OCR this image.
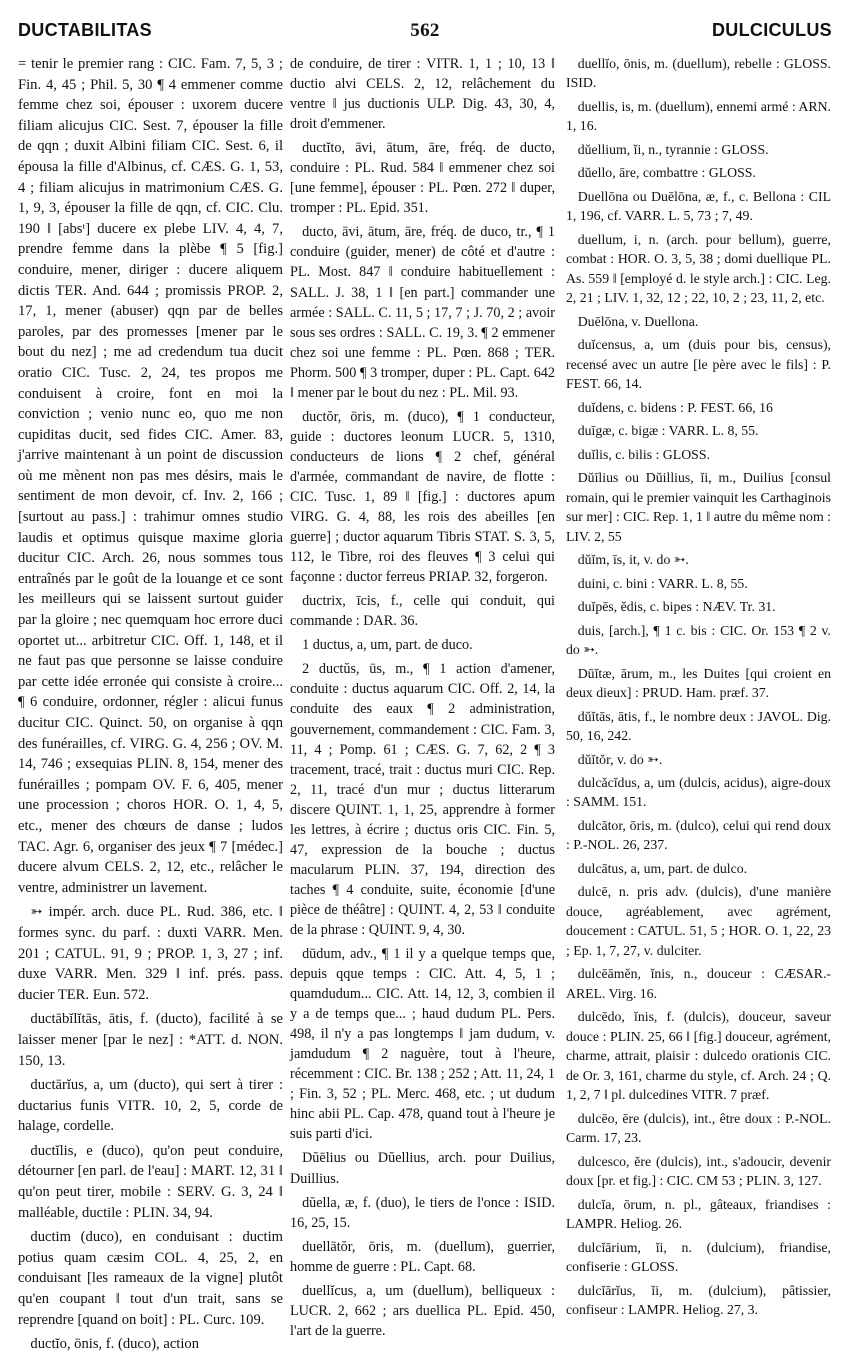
DUCTABILITAS	562	DULCICULUS
= tenir le premier rang : CIC. Fam. 7, 5, 3 ; Fin. 4, 45 ; Phil. 5, 30 ¶ 4 emmener comme femme chez soi, épouser : uxorem ducere filiam alicujus CIC. Sest. 7, épouser la fille de qqn ; duxit Albini filiam CIC. Sest. 6, il épousa la fille d'Albinus, cf. CÆS. G. 1, 53, 4 ; filiam alicujus in matrimonium CÆS. G. 1, 9, 3, épouser la fille de qqn, cf. CIC. Clu. 190 ‖ [absᵗ] ducere ex plebe LIV. 4, 4, 7, prendre femme dans la plèbe ¶ 5 [fig.] conduire, mener, diriger : ducere aliquem dictis TER. And. 644 ; promissis PROP. 2, 17, 1, mener (abuser) qqn par de belles paroles, par des promesses [mener par le bout du nez] ; me ad credendum tua ducit oratio CIC. Tusc. 2, 24, tes propos me conduisent à croire, font en moi la conviction ; venio nunc eo, quo me non cupiditas ducit, sed fides CIC. Amer. 83, j'arrive maintenant à un point de discussion où me mènent non pas mes désirs, mais le sentiment de mon devoir, cf. Inv. 2, 166 ; [surtout au pass.] : trahimur omnes studio laudis et optimus quisque maxime gloria ducitur CIC. Arch. 26, nous sommes tous entraînés par le goût de la louange et ce sont les meilleurs qui se laissent surtout guider par la gloire ; nec quemquam hoc errore duci oportet ut... arbitretur CIC. Off. 1, 148, et il ne faut pas que personne se laisse conduire par cette idée erronée qui consiste à croire... ¶ 6 conduire, ordonner, régler : alicui funus ducitur CIC. Quinct. 50, on organise à qqn des funérailles, cf. VIRG. G. 4, 256 ; OV. M. 14, 746 ; exsequias PLIN. 8, 154, mener des funérailles ; pompam OV. F. 6, 405, mener une procession ; choros HOR. O. 1, 4, 5, etc., mener des chœurs de danse ; ludos TAC. Agr. 6, organiser des jeux ¶ 7 [médec.] ducere alvum CELS. 2, 12, etc., relâcher le ventre, administrer un lavement.
➳ impér. arch. duce PL. Rud. 386, etc. ‖ formes sync. du parf. : duxti VARR. Men. 201 ; CATUL. 91, 9 ; PROP. 1, 3, 27 ; inf. duxe VARR. Men. 329 ‖ inf. prés. pass. ducier TER. Eun. 572.
ductābĭlĭtās, ātis, f. (ducto), facilité à se laisser mener [par le nez] : *ATT. d. NON. 150, 13.
ductārĭus, a, um (ducto), qui sert à tirer : ductarius funis VITR. 10, 2, 5, corde de halage, cordelle.
ductĭlis, e (duco), qu'on peut conduire, détourner [en parl. de l'eau] : MART. 12, 31 ‖ qu'on peut tirer, mobile : SERV. G. 3, 24 ‖ malléable, ductile : PLIN. 34, 94.
ductim (duco), en conduisant : ductim potius quam cæsim COL. 4, 25, 2, en conduisant [les rameaux de la vigne] plutôt qu'en coupant ‖ tout d'un trait, sans se reprendre [quand on boit] : PL. Curc. 109.
ductĭo, ōnis, f. (duco), action
de conduire, de tirer : VITR. 1, 1 ; 10, 13 ‖ ductio alvi CELS. 2, 12, relâchement du ventre ‖ jus ductionis ULP. Dig. 43, 30, 4, droit d'emmener.
ductĭto, āvi, ātum, āre, fréq. de ducto, conduire : PL. Rud. 584 ‖ emmener chez soi [une femme], épouser : PL. Pœn. 272 ‖ duper, tromper : PL. Epid. 351.
ducto, āvi, ātum, āre, fréq. de duco, tr., ¶ 1 conduire (guider, mener) de côté et d'autre : PL. Most. 847 ‖ conduire habituellement : SALL. J. 38, 1 ‖ [en part.] commander une armée : SALL. C. 11, 5 ; 17, 7 ; J. 70, 2 ; avoir sous ses ordres : SALL. C. 19, 3. ¶ 2 emmener chez soi une femme : PL. Pœn. 868 ; TER. Phorm. 500 ¶ 3 tromper, duper : PL. Capt. 642 ‖ mener par le bout du nez : PL. Mil. 93.
ductŏr, ōris, m. (duco), ¶ 1 conducteur, guide : ductores leonum LUCR. 5, 1310, conducteurs de lions ¶ 2 chef, général d'armée, commandant de navire, de flotte : CIC. Tusc. 1, 89 ‖ [fig.] : ductores apum VIRG. G. 4, 88, les rois des abeilles [en guerre] ; ductor aquarum Tibris STAT. S. 3, 5, 112, le Tibre, roi des fleuves ¶ 3 celui qui façonne : ductor ferreus PRIAP. 32, forgeron.
ductrix, īcis, f., celle qui conduit, qui commande : DAR. 36.
1 ductus, a, um, part. de duco.
2 ductŭs, ūs, m., ¶ 1 action d'amener, conduite : ductus aquarum CIC. Off. 2, 14, la conduite des eaux ¶ 2 administration, gouvernement, commandement : CIC. Fam. 3, 11, 4 ; Pomp. 61 ; CÆS. G. 7, 62, 2 ¶ 3 tracement, tracé, trait : ductus muri CIC. Rep. 2, 11, tracé d'un mur ; ductus litterarum discere QUINT. 1, 1, 25, apprendre à former les lettres, à écrire ; ductus oris CIC. Fin. 5, 47, expression de la bouche ; ductus macularum PLIN. 37, 194, direction des taches ¶ 4 conduite, suite, économie [d'une pièce de théâtre] : QUINT. 4, 2, 53 ‖ conduite de la phrase : QUINT. 9, 4, 30.
dūdum, adv., ¶ 1 il y a quelque temps que, depuis qque temps : CIC. Att. 4, 5, 1 ; quamdudum... CIC. Att. 14, 12, 3, combien il y a de temps que... ; haud dudum PL. Pers. 498, il n'y a pas longtemps ‖ jam dudum, v. jamdudum ¶ 2 naguère, tout à l'heure, récemment : CIC. Br. 138 ; 252 ; Att. 11, 24, 1 ; Fin. 3, 52 ; PL. Merc. 468, etc. ; ut dudum hinc abii PL. Cap. 478, quand tout à l'heure je suis parti d'ici.
Dŭēlius ou Dŭellius, arch. pour Duilius, Duillius.
dŭella, æ, f. (duo), le tiers de l'once : ISID. 16, 25, 15.
duellātŏr, ōris, m. (duellum), guerrier, homme de guerre : PL. Capt. 68.
duellĭcus, a, um (duellum), belliqueux : LUCR. 2, 662 ; ars duellica PL. Epid. 450, l'art de la guerre.
duellĭo, ōnis, m. (duellum), rebelle : GLOSS. ISID.
duellis, is, m. (duellum), ennemi armé : ARN. 1, 16.
dŭellium, ĭi, n., tyrannie : GLOSS.
dŭello, āre, combattre : GLOSS.
Duellōna ou Duēlōna, æ, f., c. Bellona : CIL 1, 196, cf. VARR. L. 5, 73 ; 7, 49.
duellum, i, n. (arch. pour bellum), guerre, combat : HOR. O. 3, 5, 38 ; domi duellique PL. As. 559 ‖ [employé d. le style arch.] : CIC. Leg. 2, 21 ; LIV. 1, 32, 12 ; 22, 10, 2 ; 23, 11, 2, etc.
Duēlōna, v. Duellona.
duĭcensus, a, um (duis pour bis, census), recensé avec un autre [le père avec le fils] : P. FEST. 66, 14.
duĭdens, c. bidens : P. FEST. 66, 16
duīgæ, c. bigæ : VARR. L. 8, 55.
duĭlis, c. bilis : GLOSS.
Dŭīlius ou Dŭillius, ĭi, m., Duilius [consul romain, qui le premier vainquit les Carthaginois sur mer] : CIC. Rep. 1, 1 ‖ autre du même nom : LIV. 2, 55
dŭĭm, īs, it, v. do ➳.
duini, c. bini : VARR. L. 8, 55.
duĭpēs, ĕdis, c. bipes : NÆV. Tr. 31.
duis, [arch.], ¶ 1 c. bis : CIC. Or. 153 ¶ 2 v. do ➳.
Dūĭtæ, ārum, m., les Duites [qui croient en deux dieux] : PRUD. Ham. præf. 37.
dŭĭtās, ātis, f., le nombre deux : JAVOL. Dig. 50, 16, 242.
dŭĭtŏr, v. do ➳.
dulcăcĭdus, a, um (dulcis, acidus), aigre-doux : SAMM. 151.
dulcātor, ōris, m. (dulco), celui qui rend doux : P.-NOL. 26, 237.
dulcātus, a, um, part. de dulco.
dulcē, n. pris adv. (dulcis), d'une manière douce, agréablement, avec agrément, doucement : CATUL. 51, 5 ; HOR. O. 1, 22, 23 ; Ep. 1, 7, 27, v. dulciter.
dulcēāmĕn, ĭnis, n., douceur : CÆSAR.-AREL. Virg. 16.
dulcēdo, ĭnis, f. (dulcis), douceur, saveur douce : PLIN. 25, 66 ‖ [fig.] douceur, agrément, charme, attrait, plaisir : dulcedo orationis CIC. de Or. 3, 161, charme du style, cf. Arch. 24 ; Q. 1, 2, 7 ‖ pl. dulcedines VITR. 7 præf.
dulcēo, ēre (dulcis), int., être doux : P.-NOL. Carm. 17, 23.
dulcesco, ĕre (dulcis), int., s'adoucir, devenir doux [pr. et fig.] : CIC. CM 53 ; PLIN. 3, 127.
dulcĭa, ōrum, n. pl., gâteaux, friandises : LAMPR. Heliog. 26.
dulcĭārium, ĭi, n. (dulcium), friandise, confiserie : GLOSS.
dulcĭārĭus, ĭi, m. (dulcium), pâtissier, confiseur : LAMPR. Heliog. 27, 3.
